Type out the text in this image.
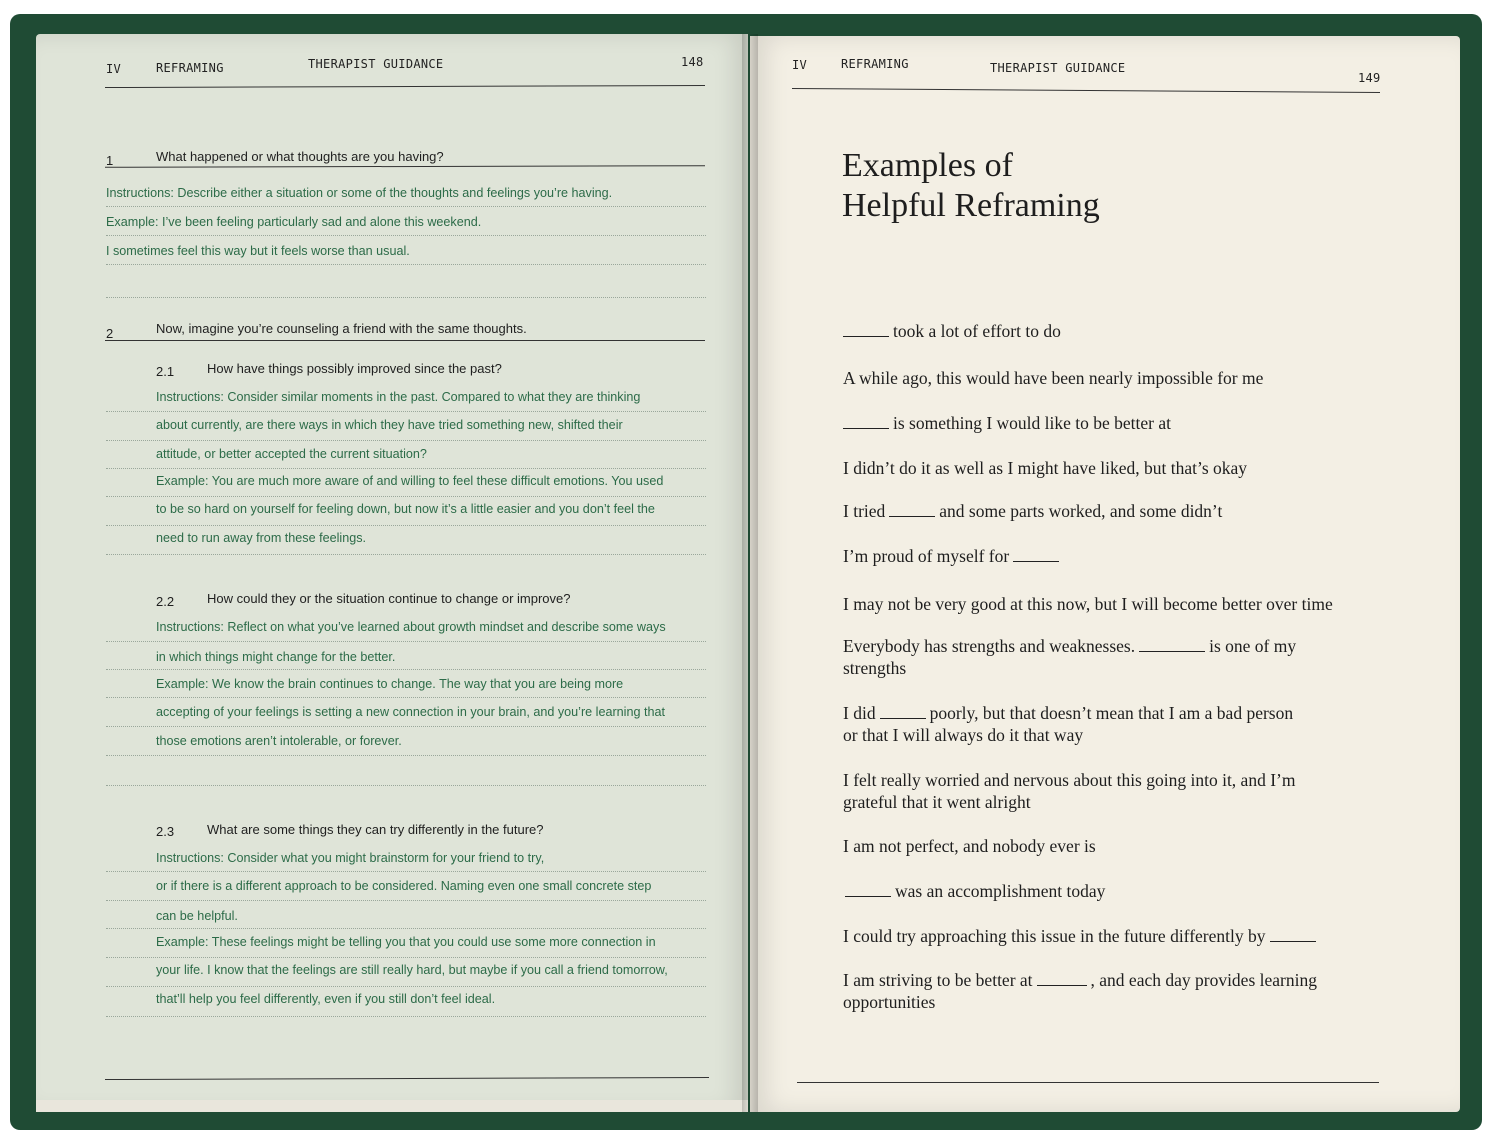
IV	REFRAMING	THERAPIST GUIDANCE	148
1	What happened or what thoughts are you having?
Instructions: Describe either a situation or some of the thoughts and feelings you’re having.
Example: I’ve been feeling particularly sad and alone this weekend.
I sometimes feel this way but it feels worse than usual.
2	Now, imagine you’re counseling a friend with the same thoughts.
2.1	How have things possibly improved since the past?
Instructions: Consider similar moments in the past. Compared to what they are thinking
about currently, are there ways in which they have tried something new, shifted their
attitude, or better accepted the current situation?
Example: You are much more aware of and willing to feel these difficult emotions. You used
to be so hard on yourself for feeling down, but now it’s a little easier and you don’t feel the
need to run away from these feelings.
2.2	How could they or the situation continue to change or improve?
Instructions: Reflect on what you’ve learned about growth mindset and describe some ways
in which things might change for the better.
Example: We know the brain continues to change. The way that you are being more
accepting of your feelings is setting a new connection in your brain, and you’re learning that
those emotions aren’t intolerable, or forever.
2.3	What are some things they can try differently in the future?
Instructions: Consider what you might brainstorm for your friend to try,
or if there is a different approach to be considered. Naming even one small concrete step
can be helpful.
Example: These feelings might be telling you that you could use some more connection in
your life. I know that the feelings are still really hard, but maybe if you call a friend tomorrow,
that’ll help you feel differently, even if you still don’t feel ideal.
IV	REFRAMING	THERAPIST GUIDANCE
149
Examples of
Helpful Reframing
took a lot of effort to do
A while ago, this would have been nearly impossible for me
is something I would like to be better at
I didn’t do it as well as I might have liked, but that’s okay
I tried	and some parts worked, and some didn’t
I’m proud of myself for
I may not be very good at this now, but I will become better over time
Everybody has strengths and weaknesses.	is one of my
strengths
I did	poorly, but that doesn’t mean that I am a bad person
or that I will always do it that way
I felt really worried and nervous about this going into it, and I’m
grateful that it went alright
I am not perfect, and nobody ever is
was an accomplishment today
I could try approaching this issue in the future differently by
I am striving to be better at	, and each day provides learning
opportunities
